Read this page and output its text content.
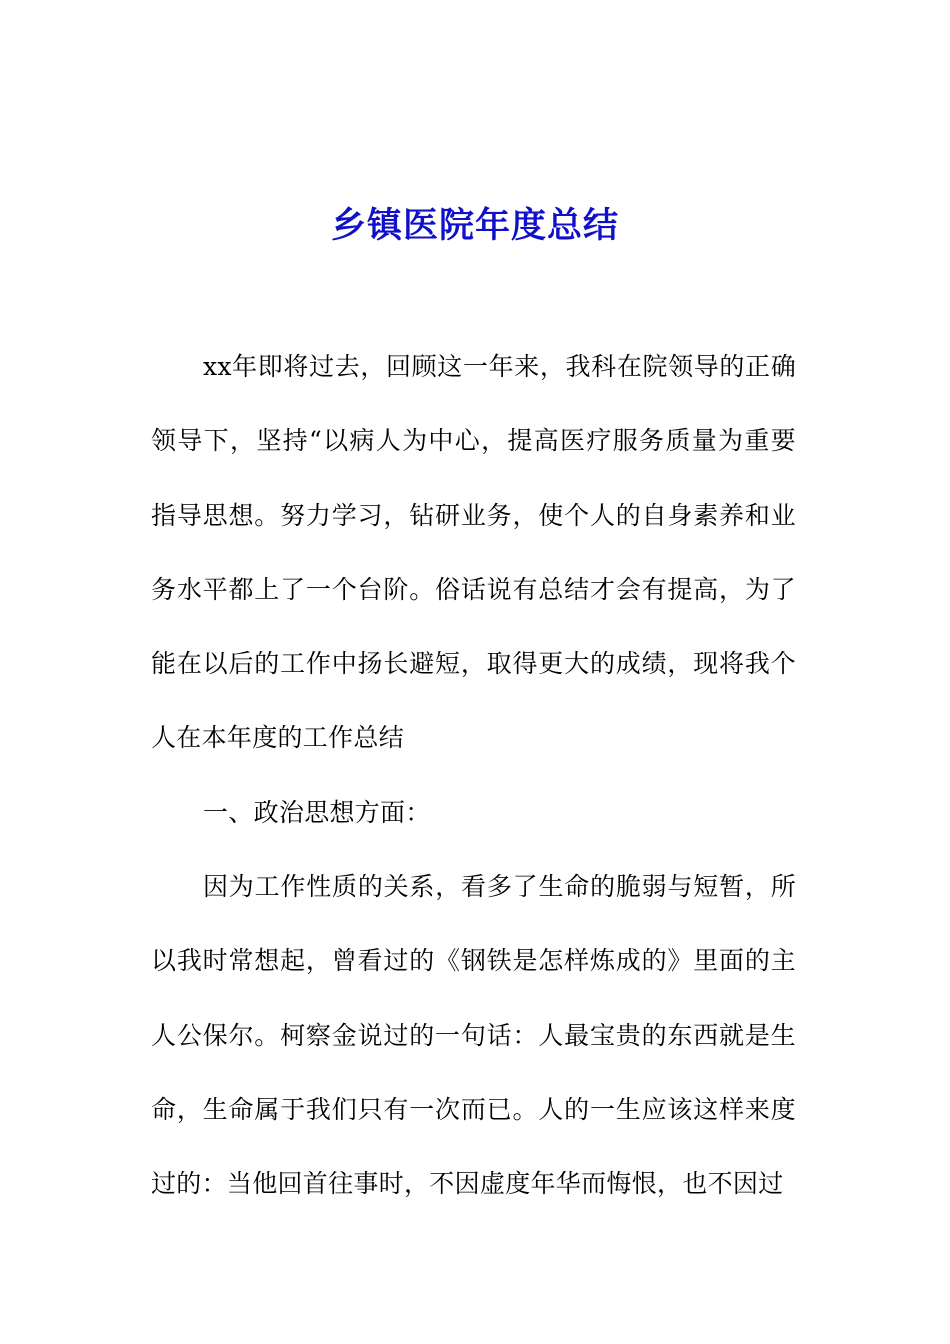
乡镇医院年度总结

xx年即将过去，回顾这一年来，我科在院领导的正确领导下，坚持“以病人为中心，提高医疗服务质量为重要指导思想。努力学习，钻研业务，使个人的自身素养和业务水平都上了一个台阶。俗话说有总结才会有提高，为了能在以后的工作中扬长避短，取得更大的成绩，现将我个人在本年度的工作总结

一、政治思想方面：

因为工作性质的关系，看多了生命的脆弱与短暂，所以我时常想起，曾看过的《钢铁是怎样炼成的》里面的主人公保尔。柯察金说过的一句话：人最宝贵的东西就是生命，生命属于我们只有一次而已。人的一生应该这样来度过的：当他回首往事时，不因虚度年华而悔恨，也不因过
